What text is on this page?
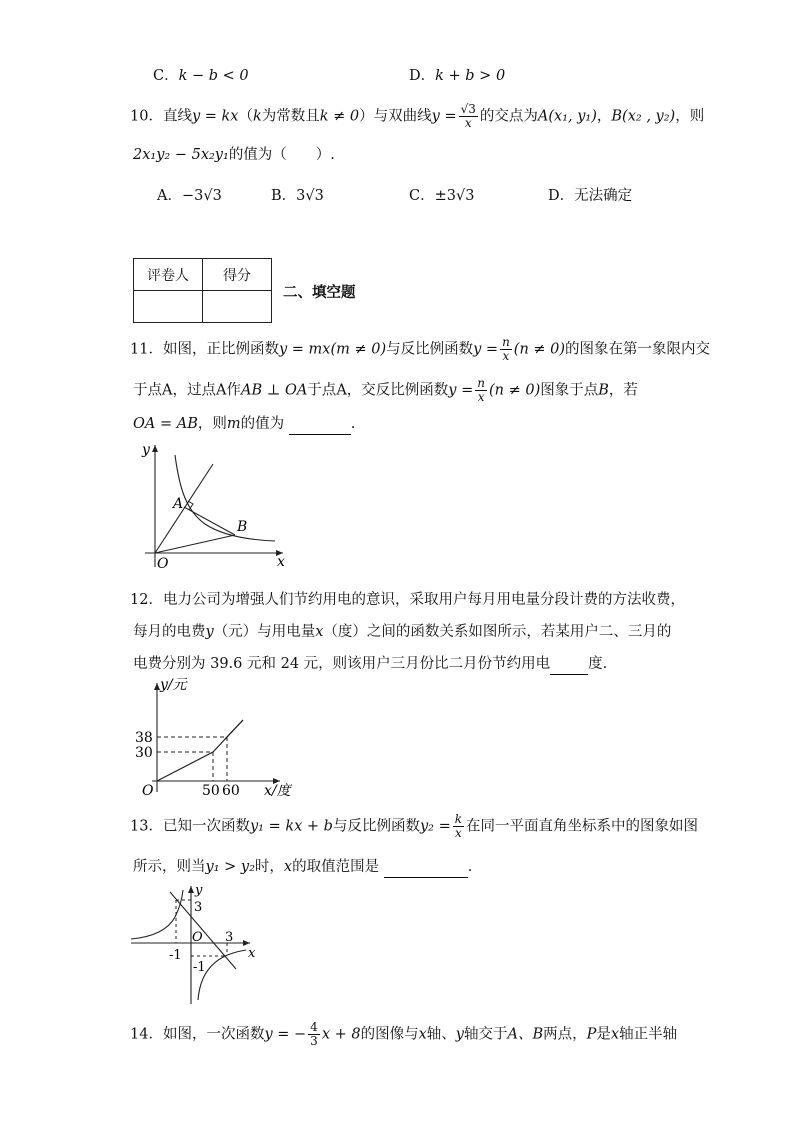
C．k − b < 0	D．k + b > 0
10．直线y = kx（k为常数且k ≠ 0）与双曲线$y = \frac{√3}{x}$ 的交点为A(x₁, y₁)，B(x₂ , y₂)，则
2x₁y₂ − 5x₂y₁的值为（　　）.
A．−3√3	B．3√3	C．±3√3	D．无法确定
评卷人	得分

二、填空题
11．如图，正比例函数y = mx(m ≠ 0)与反比例函数$y = \frac{n}{x} (n \ne 0)$的图象在第一象限内交
于点A，过点A作AB ⊥ OA于点A，交反比例函数$y = \frac{n}{x} (n \ne 0)$图象于点B，若
OA = AB，则m的值为	.
y
x
O
A
B
12．电力公司为增强人们节约用电的意识，采取用户每月用电量分段计费的方法收费，
每月的电费y（元）与用电量x（度）之间的函数关系如图所示，若某用户二、三月的
电费分别为 39.6 元和 24 元，则该用户三月份比二月份节约用电	度.
y/元
x/度
O
38
30
50 60
13．已知一次函数y₁ = kx + b与反比例函数$y_2 = \frac{k}{x}$ 在同一平面直角坐标系中的图象如图
所示，则当y₁ > y₂时，x的取值范围是	.
y
x
O
3
3
-1
-1
14．如图，一次函数y = − $\frac{4}{3}$ x + 8的图像与x轴、y轴交于A、B两点，P是x轴正半轴
